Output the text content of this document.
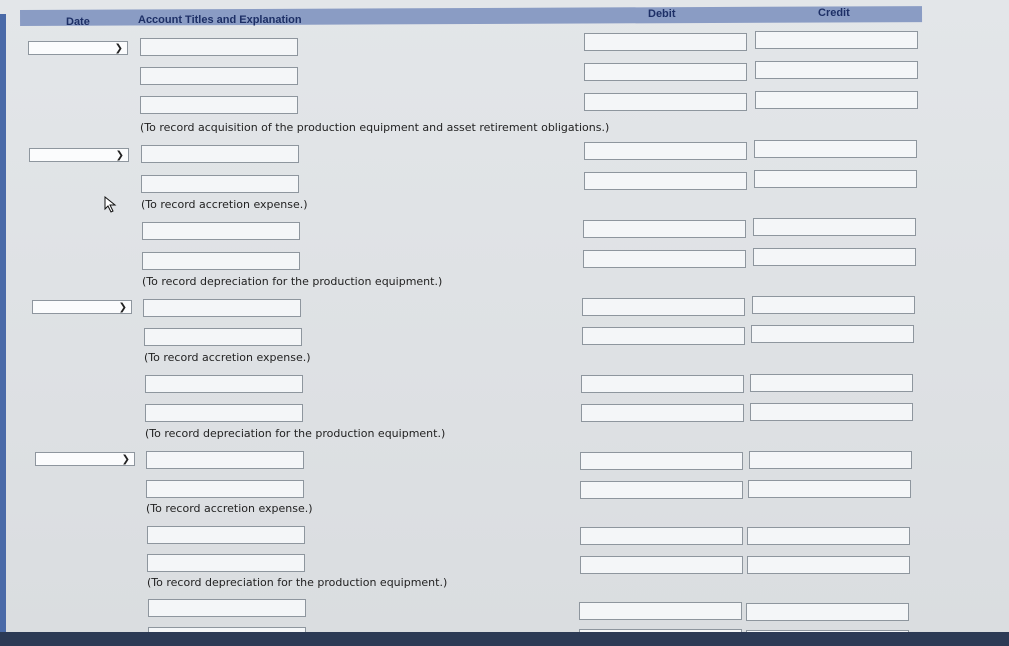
Date	Account Titles and Explanation	Debit	Credit
❯
(To record acquisition of the production equipment and asset retirement obligations.)
❯
(To record accretion expense.)
(To record depreciation for the production equipment.)
❯
(To record accretion expense.)
(To record depreciation for the production equipment.)
❯
(To record accretion expense.)
(To record depreciation for the production equipment.)
